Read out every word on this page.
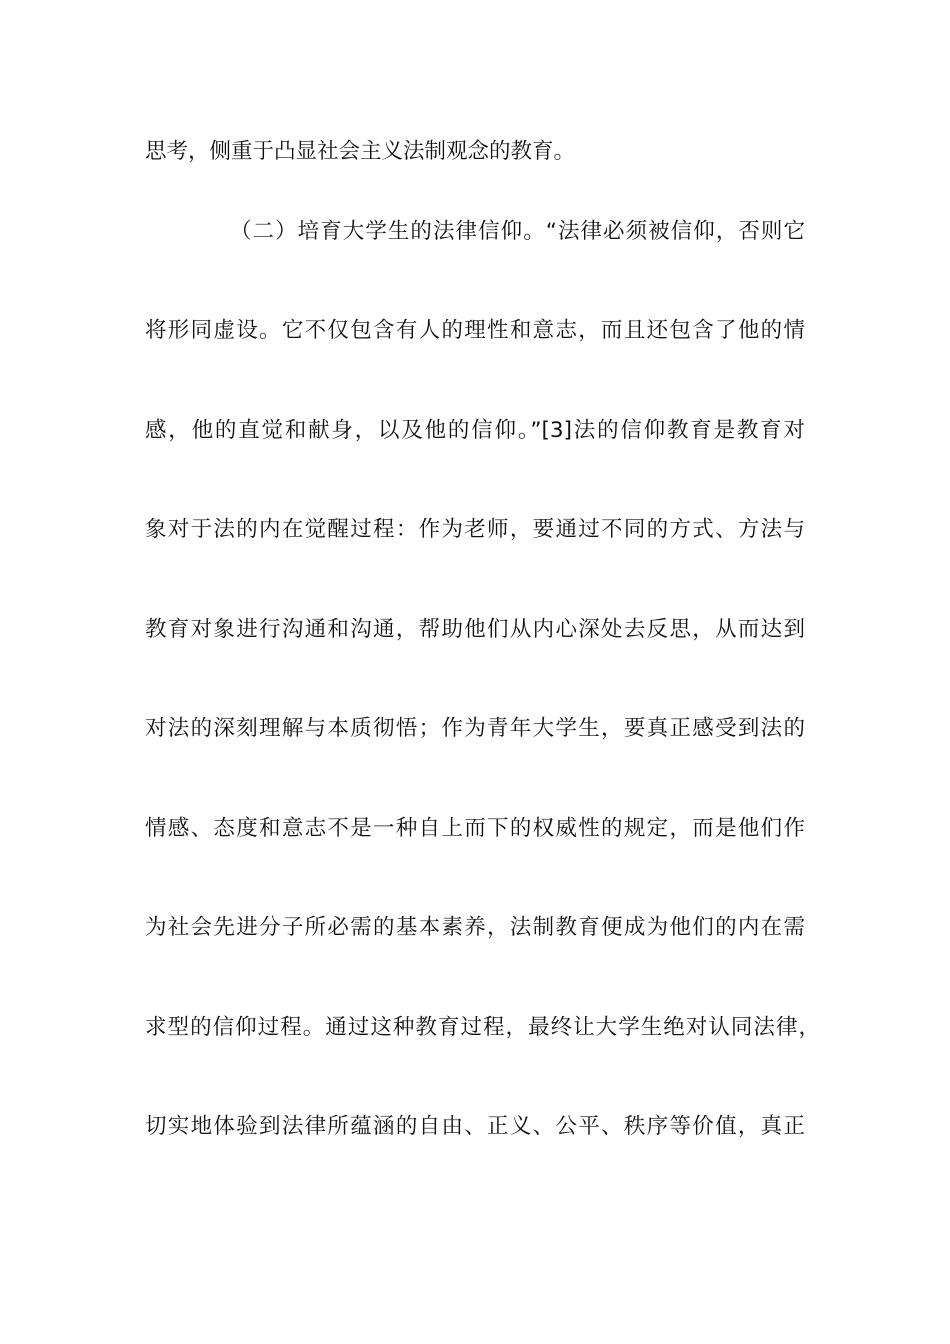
思考，侧重于凸显社会主义法制观念的教育。
（二）培育大学生的法律信仰。“法律必须被信仰，否则它
将形同虚设。它不仅包含有人的理性和意志，而且还包含了他的情
感，他的直觉和献身，以及他的信仰。”[3]法的信仰教育是教育对
象对于法的内在觉醒过程：作为老师，要通过不同的方式、方法与
教育对象进行沟通和沟通，帮助他们从内心深处去反思，从而达到
对法的深刻理解与本质彻悟；作为青年大学生，要真正感受到法的
情感、态度和意志不是一种自上而下的权威性的规定，而是他们作
为社会先进分子所必需的基本素养，法制教育便成为他们的内在需
求型的信仰过程。通过这种教育过程，最终让大学生绝对认同法律，
切实地体验到法律所蕴涵的自由、正义、公平、秩序等价值，真正
